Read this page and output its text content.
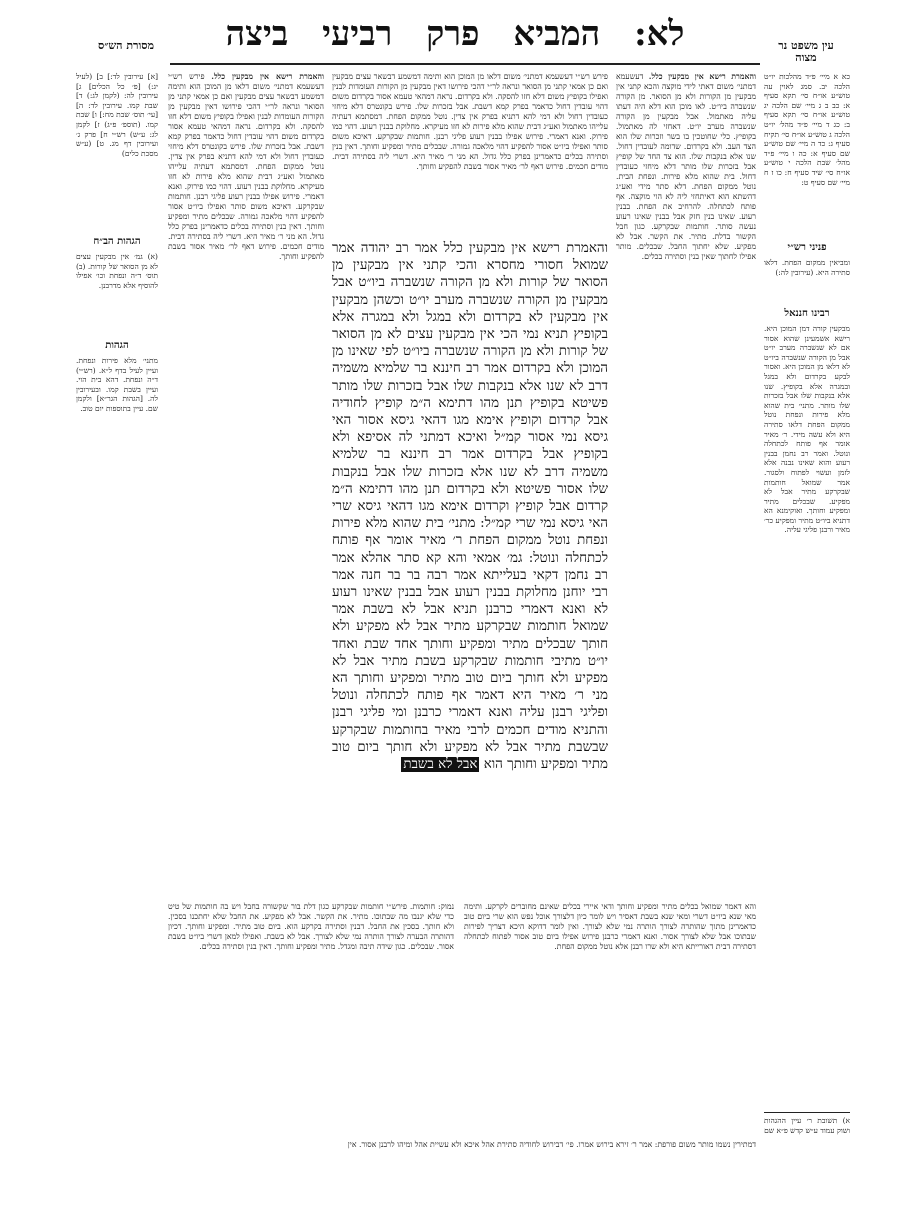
מסורת הש״ס	עין משפט נר מצוה
לא: המביא פרק רביעי ביצה
[א] עירובין לד:] ב] (לעיל יג:) [פ׳ כל הכלים] ג] עירובין לה: (לקמן לג:) ד] שבת קמו. עירובין לד: ה] [עי׳ תוס׳ שבת מח:] ו] שבת קמו. (תוספ׳ פ״ג) ז] לקמן לג: ע״ש) רש״י ח] פרק ג׳ ועירובין דף מג. ט] (ע״ש מסכת כלים)
הגהות הב״ח
(א) גמ׳ אין מבקעין עצים לא מן הסואר של קורות. (ב) תוס׳ ד״ה ונפחת וכו׳ אפילו להוסיף אלא מדרבנן.
הגהות
מתני׳ מלא פירות ונפחת. ועיין לעיל בדף ל״א. (רש״י) ד״ה ונפחת. דהא בית הוי. ועיין בשבת קמו. ובעירובין לה. [הגהות הגר״א] ולקמן שם. עיין בתוספות יום טוב.
כא א מיי׳ פ״ד מהלכות יו״ט הלכה יב. סמג לאוין עה טוש״ע או״ח סי׳ תקא סעיף א: כב ב ג מיי׳ שם הלכה יג טוש״ע או״ח סי׳ תקא סעיף ב: כג ד מיי׳ פ״ד מהל׳ יו״ט הלכה ג טוש״ע או״ח סי׳ תקיח סעיף ג: כד ה מיי׳ שם טוש״ע שם סעיף א: כה ו מיי׳ פ״ד מהל׳ שבת הלכה י טוש״ע או״ח סי׳ שיד סעיף ח: כו ז ח מיי׳ שם סעיף ט:
פניני רש״י
ומביאין ממקום הפחת. דלאו סתירה היא. (עירובין לה:)
רבינו חננאל
מבקעין קורה דמן המוכן היא. רישא אשמעינן שהוא אסור אם לא שנשברה מערב יו״ט אבל מן הקורה שנשברה ביו״ט לא דלאו מן המוכן היא. ואסור לבקע בקרדום ולא במגל ובמגרה אלא בקופיץ. שנו אלא בנקבות שלו אבל בזכרות שלו מותר. מתני׳ בית שהוא מלא פירות ונפחת נוטל ממקום הפחת דלאו סתירה היא ולא עשה מידי. ר׳ מאיר אומר אף פותח לכתחלה ונוטל. ואמר רב נחמן בבנין רעוע והוא שאינו נבנה אלא לזמן ועשוי לפתוח ולסגור. אמר שמואל חותמות שבקרקע מתיר אבל לא מפקיע. שבכלים מתיר ומפקיע וחותך. ואוקימנא הא דתניא ביו״ט מתיר ומפקיע כר׳ מאיר ורבנן פליגי עליה.
א) תשובת ר׳ עיין ההגהות ושוק עמוד ע״ש קדש פ״א שם
והאמרת רישא אין מבקעין כלל. פירש רש״י דעשעמא דמתני׳ משום דלאו מן המוכן הוא ותימה דמשמע דבשאר עצים מבקעין ואם כן אמאי קתני מן הסואר ונראה לר״י דהכי פירושו דאין מבקעין מן הקורות העומדות לבנין ואפילו בקופיץ משום דלא חזו להסקה. ולא בקרדום. נראה דמהאי טעמא אסור בקרדום משום דהוי עובדין דחול כדאמר בפרק קמא דשבת. אבל בזכרות שלו. פירש בקונטרס דלא מיחזי כעובדין דחול ולא דמי להא דתניא בפרק אין צדין. נוטל ממקום הפחת. דמסתמא דעתיה עלייהו מאתמול ואע״ג דבית שהוא מלא פירות לא חזו מעיקרא. מחלוקת בבנין רעוע. דהוי כמו פירוק. ואנא דאמרי. פירוש אפילו בבנין רעוע פליגי רבנן. חותמות שבקרקע. דאיכא משום סותר ואפילו ביו״ט אסור להפקיע דהוי מלאכה גמורה. שבכלים מתיר ומפקיע וחותך. דאין בנין וסתירה בכלים כדאמרינן בפרק כלל גדול. הא מני ר׳ מאיר היא. דשרי ליה בסתירה דבית. מודים חכמים. פירוש דאף לר׳ מאיר אסור בשבת להפקיע וחותך.
והאמרת רישא אין מבקעין כלל אמר רב יהודה אמר שמואל חסורי מחסרא והכי קתני אין מבקעין מן הסואר של קורות ולא מן הקורה שנשברה ביו״ט אבל מבקעין מן הקורה שנשברה מערב יו״ט וכשהן מבקעין אין מבקעין לא בקרדום ולא במגל ולא במגרה אלא בקופיץ תניא נמי הכי אין מבקעין עצים לא מן הסואר של קורות ולא מן הקורה שנשברה ביו״ט לפי שאינו מן המוכן ולא בקרדום אמר רב חיננא בר שלמיא משמיה דרב לא שנו אלא בנקבות שלו אבל בזכרות שלו מותר פשיטא בקופיץ תנן מהו דתימא ה״מ קופיץ לחודיה אבל קרדום וקופיץ אימא מגו דהאי גיסא אסור האי גיסא נמי אסור קמ״ל ואיכא דמתני לה אסיפא ולא בקופיץ אבל בקרדום אמר רב חיננא בר שלמיא משמיה דרב לא שנו אלא בזכרות שלו אבל בנקבות שלו אסור פשיטא ולא בקרדום תנן מהו דתימא ה״מ קרדום אבל קופיץ וקרדום אימא מגו דהאי גיסא שרי האי גיסא נמי שרי קמ״ל: מתני׳ בית שהוא מלא פירות ונפחת נוטל ממקום הפחת ר׳ מאיר אומר אף פותח לכתחלה ונוטל: גמ׳ אמאי והא קא סתר אהלא אמר רב נחמן דקאי בעלייתא אמר רבה בר בר חנה אמר רבי יוחנן מחלוקת בבנין רעוע אבל בבנין שאינו רעוע לא ואנא דאמרי כרבנן תניא אבל לא בשבת אמר שמואל חותמות שבקרקע מתיר אבל לא מפקיע ולא חותך שבכלים מתיר ומפקיע וחותך אחד שבת ואחד יו״ט מתיבי חותמות שבקרקע בשבת מתיר אבל לא מפקיע ולא חותך ביום טוב מתיר ומפקיע וחותך הא מני ר׳ מאיר היא דאמר אף פותח לכתחלה ונוטל ופליגי רבנן עליה ואנא דאמרי כרבנן ומי פליגי רבנן והתניא מודים חכמים לרבי מאיר בחותמות שבקרקע שבשבת מתיר אבל לא מפקיע ולא חותך ביום טוב מתיר ומפקיע וחותך הוא אבל לא בשבת
והאמרת רישא אין מבקעין כלל. דעשעמא דמתני׳ משום דאתי לידי מוקצה והכא קתני אין מבקעין מן הקורות ולא מן הסואר. מן הקורה שנשברה ביו״ט. לאו מוכן הוא דלא היה דעתו עליה מאתמול. אבל מבקעין מן הקורה שנשברה מערב יו״ט. דאחזי לה מאתמול. בקופיץ. כלי שחוטכין בו בשר וזכרות שלו הוא הצד העב. ולא בקרדום. שדומה לעובדין דחול. שנו אלא בנקבות שלו. הוא צד החד של קופיץ אבל בזכרות שלו מותר דלא מיחזי כעובדין דחול. בית שהוא מלא פירות. ונפחת הבית. נוטל ממקום הפחת. דלא סתר מידי ואע״ג דהשתא הוא דאיתחזי ליה לא הוי מוקצה. אף פותח לכתחלה. להרחיב את הפחת. בבנין רעוע. שאינו בנין חזק אבל בבנין שאינו רעוע נעשה סותר. חותמות שבקרקע. כגון חבל הקשור בדלת. מתיר. את הקשר. אבל לא מפקיע. שלא יחתוך החבל. שבכלים. מותר אפילו לחתוך שאין בנין וסתירה בכלים.
פירש רש״י דעשעמא דמתני׳ משום דלאו מן המוכן הוא ותימה דמשמע דבשאר עצים מבקעין ואם כן אמאי קתני מן הסואר ונראה לר״י דהכי פירושו דאין מבקעין מן הקורות העומדות לבנין ואפילו בקופיץ משום דלא חזו להסקה. ולא בקרדום. נראה דמהאי טעמא אסור בקרדום משום דהוי עובדין דחול כדאמר בפרק קמא דשבת. אבל בזכרות שלו. פירש בקונטרס דלא מיחזי כעובדין דחול ולא דמי להא דתניא בפרק אין צדין. נוטל ממקום הפחת. דמסתמא דעתיה עלייהו מאתמול ואע״ג דבית שהוא מלא פירות לא חזו מעיקרא. מחלוקת בבנין רעוע. דהוי כמו פירוק. ואנא דאמרי. פירוש אפילו בבנין רעוע פליגי רבנן. חותמות שבקרקע. דאיכא משום סותר ואפילו ביו״ט אסור להפקיע דהוי מלאכה גמורה. שבכלים מתיר ומפקיע וחותך. דאין בנין וסתירה בכלים כדאמרינן בפרק כלל גדול. הא מני ר׳ מאיר היא. דשרי ליה בסתירה דבית. מודים חכמים. פירוש דאף לר׳ מאיר אסור בשבת להפקיע וחותך.
נמוק: חותמות. פירש״י חותמות שבקרקע כגון דלת בור שקשורה בחבל ויש בה חותמות של טיט כדי שלא יגנבו מה שבתוכו. מתיר. את הקשר. אבל לא מפקיע. את החבל שלא יחתכנו בסכין. ולא חותך. בסכין את החבל. דבנין וסתירה בקרקע הוא. ביום טוב מתיר. ומפקיע וחותך. דכיון דהותרה הבערה לצורך הותרה נמי שלא לצורך. אבל לא בשבת. ואפילו למאן דשרי ביו״ט בשבת אסור. שבכלים. כגון שידה תיבה ומגדל. מתיר ומפקיע וחותך. דאין בנין וסתירה בכלים.
והא דאמר שמואל בכלים מתיר ומפקיע וחותך ודאי איירי בכלים שאינם מחוברים לקרקע. ותימה מאי שנא ביו״ט דשרי ומאי שנא בשבת דאסיר ויש לומר כיון דלצורך אוכל נפש הוא שרי ביום טוב כדאמרינן מתוך שהותרה לצורך הותרה נמי שלא לצורך. ואין לומר דדוקא היכא דצריך לפירות שבתוכו אבל שלא לצורך אסור. ואנא דאמרי כרבנן פירוש אפילו ביום טוב אסור לפתוח לכתחלה דסתירה דבית דאורייתא היא ולא שרו רבנן אלא נוטל ממקום הפחת.
דמתירין נשמו מותר משום פורפת: אמר ר׳ זירא בירוש אמרו. פי׳ דבירוש לחודיה סתירת אהל איכא ולא עשיית אהל ומיהו לרבנן אסור. אין
